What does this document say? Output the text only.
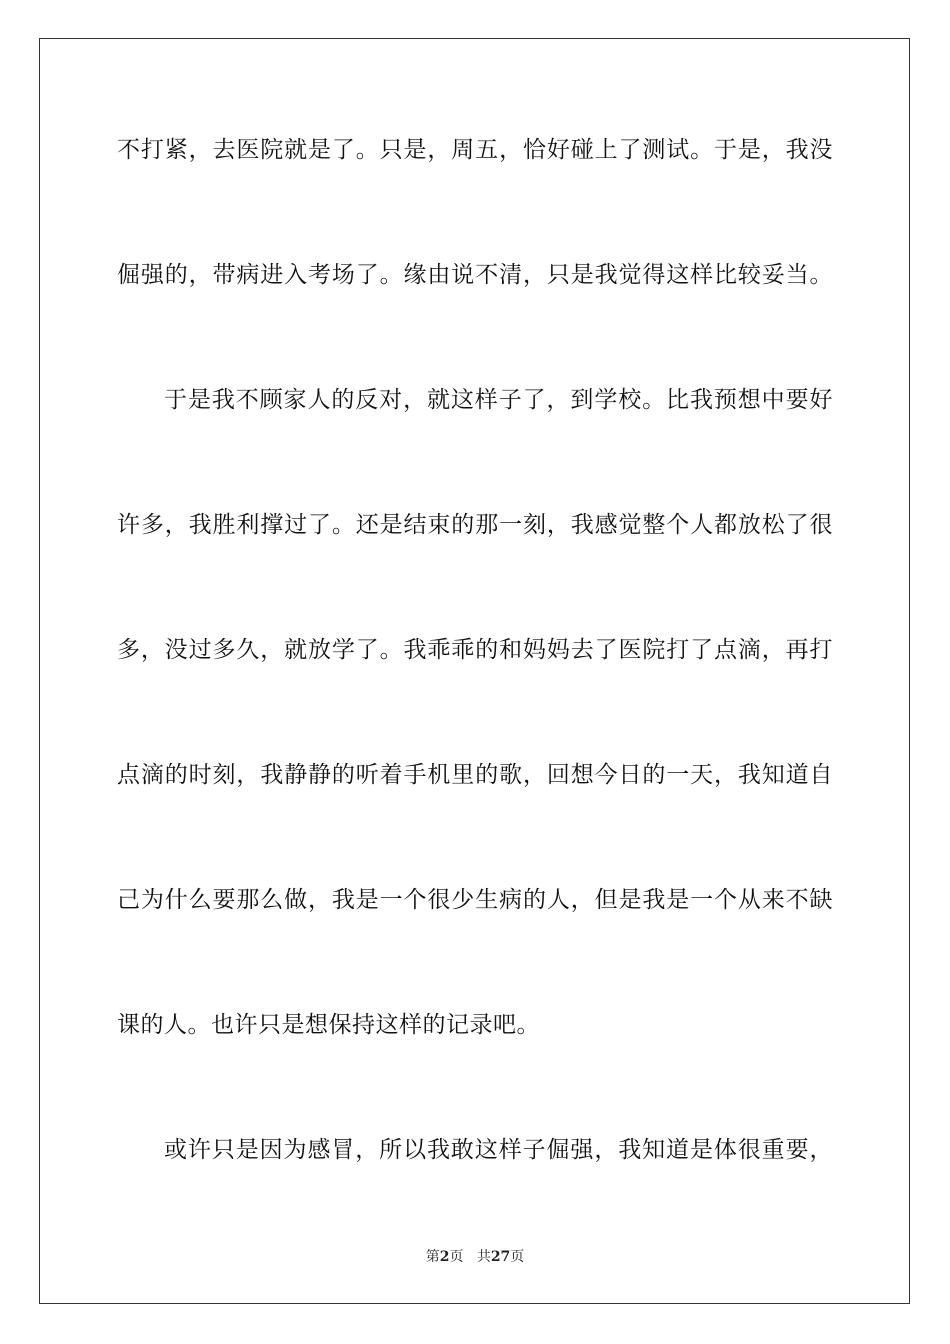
不打紧，去医院就是了。只是，周五，恰好碰上了测试。于是，我没
倔强的，带病进入考场了。缘由说不清，只是我觉得这样比较妥当。
于是我不顾家人的反对，就这样子了，到学校。比我预想中要好
许多，我胜利撑过了。还是结束的那一刻，我感觉整个人都放松了很
多，没过多久，就放学了。我乖乖的和妈妈去了医院打了点滴，再打
点滴的时刻，我静静的听着手机里的歌，回想今日的一天，我知道自
己为什么要那么做，我是一个很少生病的人，但是我是一个从来不缺
课的人。也许只是想保持这样的记录吧。
或许只是因为感冒，所以我敢这样子倔强，我知道是体很重要，
第2页 共27页
